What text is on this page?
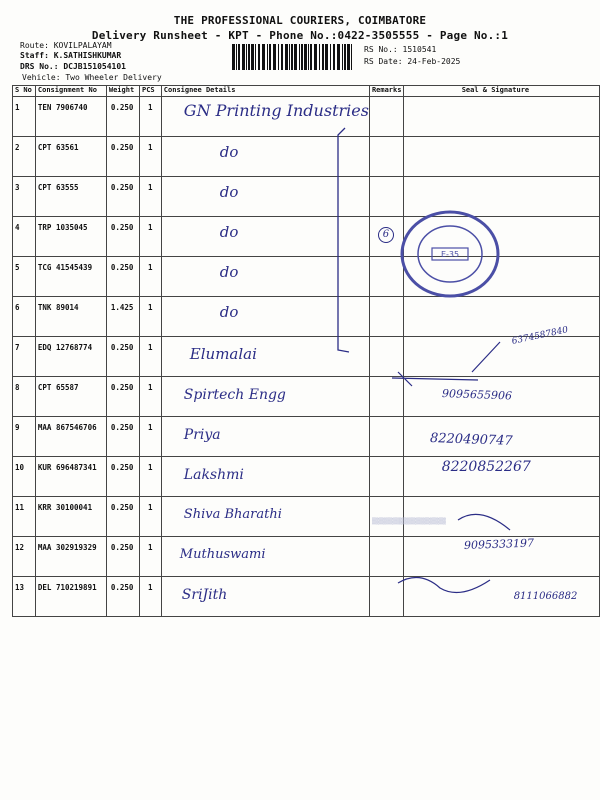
THE PROFESSIONAL COURIERS, COIMBATORE
Delivery Runsheet - KPT - Phone No.:0422-3505555 - Page No.:1
Route: KOVILPALAYAM
Staff: K.SATHISHKUMAR
DRS No.: DCJB151054101
Vehicle: Two Wheeler Delivery
RS No.: 1510541
RS Date: 24-Feb-2025
S No	Consignment No	Weight	PCS	Consignee Details	Remarks	Seal & Signature

1	TEN 7906740	0.250	1	GN Printing Industries		

2	CPT 63561	0.250	1	do		

3	CPT 63555	0.250	1	do		

4	TRP 1035045	0.250	1	do	6	

5	TCG 41545439	0.250	1	do		

6	TNK 89014	1.425	1	do		

7	EDQ 12768774	0.250	1	Elumalai		6374587840

8	CPT 65587	0.250	1	Spirtech Engg		9095655906

9	MAA 867546706	0.250	1	Priya		8220490747

10	KUR 696487341	0.250	1	Lakshmi		8220852267

11	KRR 30100041	0.250	1	Shiva Bharathi		

12	MAA 302919329	0.250	1	Muthuswami		9095333197

13	DEL 710219891	0.250	1	SriJith		8111066882
E-35
▒▒▒▒▒▒▒▒▒▒▒▒▒▒▒▒
